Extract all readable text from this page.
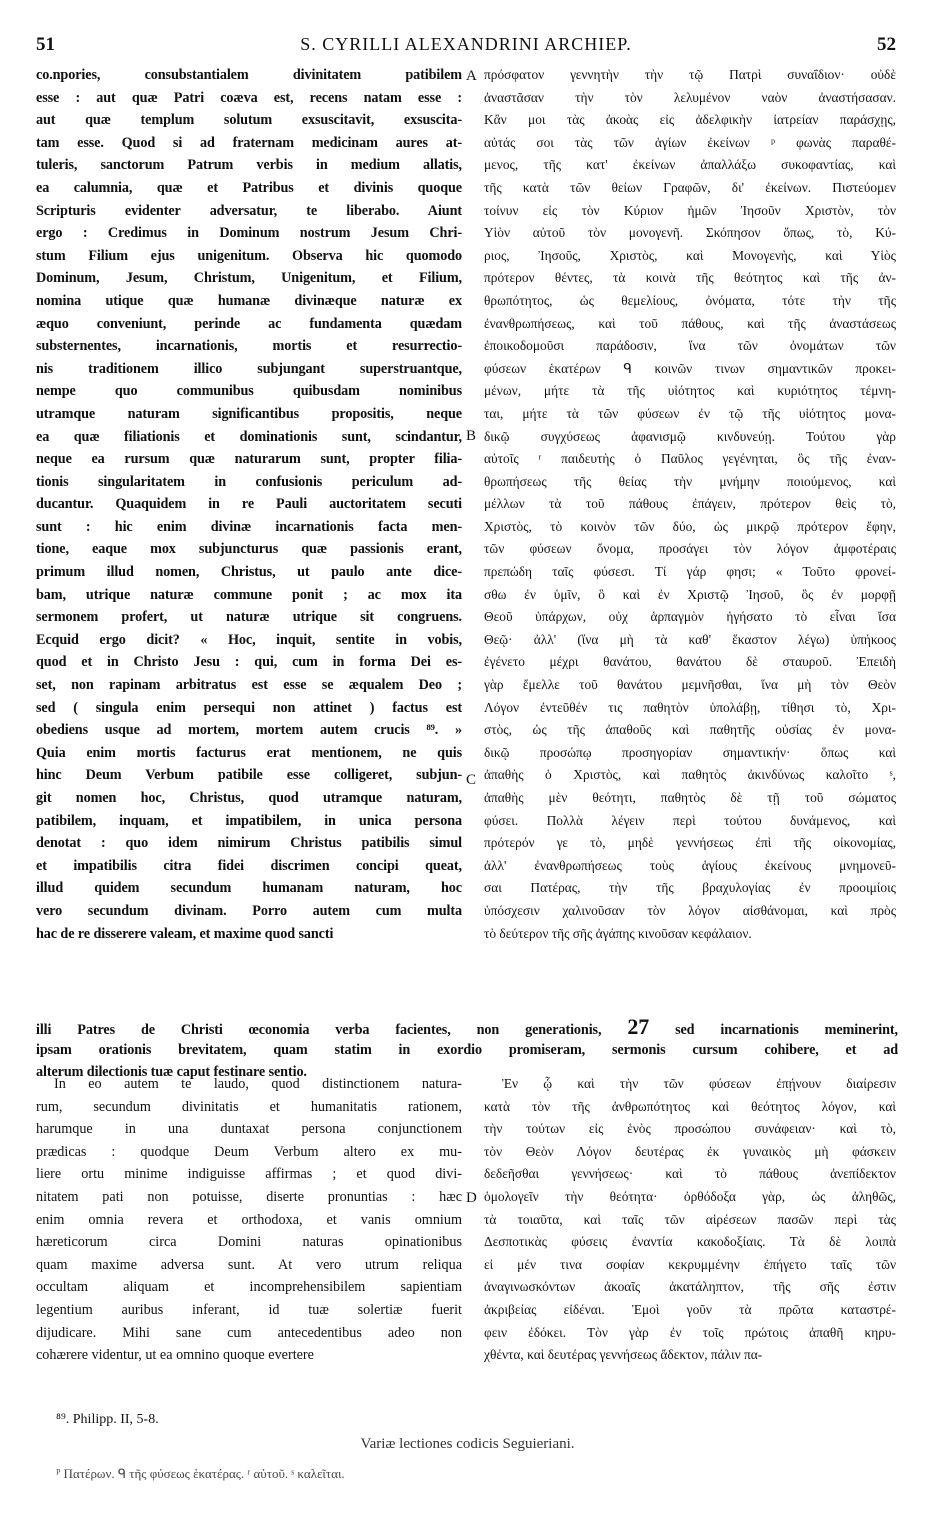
51	S. CYRILLI ALEXANDRINI ARCHIEP.	52
A
B
C
D
co.npories, consubstantialem divinitatem patibilem
esse : aut quæ Patri coæva est, recens natam esse :
aut quæ templum solutum exsuscitavit, exsuscita-
tam esse. Quod si ad fraternam medicinam aures at-
tuleris, sanctorum Patrum verbis in medium allatis,
ea calumnia, quæ et Patribus et divinis quoque
Scripturis evidenter adversatur, te liberabo. Aiunt
ergo : Credimus in Dominum nostrum Jesum Chri-
stum Filium ejus unigenitum. Observa hic quomodo
Dominum, Jesum, Christum, Unigenitum, et Filium,
nomina utique quæ humanæ divinæque naturæ ex
æquo conveniunt, perinde ac fundamenta quædam
substernentes, incarnationis, mortis et resurrectio-
nis traditionem illico subjungant superstruantque,
nempe quo communibus quibusdam nominibus
utramque naturam significantibus propositis, neque
ea quæ filiationis et dominationis sunt, scindantur,
neque ea rursum quæ naturarum sunt, propter filia-
tionis singularitatem in confusionis periculum ad-
ducantur. Quaquidem in re Pauli auctoritatem secuti
sunt : hic enim divinæ incarnationis facta men-
tione, eaque mox subjuncturus quæ passionis erant,
primum illud nomen, Christus, ut paulo ante dice-
bam, utrique naturæ commune ponit ; ac mox ita
sermonem profert, ut naturæ utrique sit congruens.
Ecquid ergo dicit? « Hoc, inquit, sentite in vobis,
quod et in Christo Jesu : qui, cum in forma Dei es-
set, non rapinam arbitratus est esse se æqualem Deo ;
sed ( singula enim persequi non attinet ) factus est
obediens usque ad mortem, mortem autem crucis ⁸⁹. »
Quia enim mortis facturus erat mentionem, ne quis
hinc Deum Verbum patibile esse colligeret, subjun-
git nomen hoc, Christus, quod utramque naturam,
patibilem, inquam, et impatibilem, in unica persona
denotat : quo idem nimirum Christus patibilis simul
et impatibilis citra fidei discrimen concipi queat,
illud quidem secundum humanam naturam, hoc
vero secundum divinam. Porro autem cum multa
hac de re disserere valeam, et maxime quod sancti
πρόσφατον γεννητὴν τὴν τῷ Πατρὶ συναΐδιον· οὐδὲ
ἀναστᾶσαν τὴν τὸν λελυμένον ναὸν ἀναστήσασαν.
Κἂν μοι τὰς ἀκοὰς εἰς ἀδελφικὴν ἰατρείαν παράσχῃς,
αὐτάς σοι τὰς τῶν ἁγίων ἐκείνων ᵖ φωνὰς παραθέ-
μενος, τῆς κατ' ἐκείνων ἀπαλλάξω συκοφαντίας, καὶ
τῆς κατὰ τῶν θείων Γραφῶν, δι' ἐκείνων. Πιστεύομεν
τοίνυν εἰς τὸν Κύριον ἡμῶν Ἰησοῦν Χριστὸν, τὸν
Υἱὸν αὐτοῦ τὸν μονογενῆ. Σκόπησον ὅπως, τὸ, Κύ-
ριος, Ἰησοῦς, Χριστὸς, καὶ Μονογενὴς, καὶ Υἱὸς
πρότερον θέντες, τὰ κοινὰ τῆς θεότητος καὶ τῆς ἀν-
θρωπότητος, ὡς θεμελίους, ὀνόματα, τότε τὴν τῆς
ἐνανθρωπήσεως, καὶ τοῦ πάθους, καὶ τῆς ἀναστάσεως
ἐποικοδομοῦσι παράδοσιν, ἵνα τῶν ὀνομάτων τῶν
φύσεων ἑκατέρων ᑫ κοινῶν τινων σημαντικῶν προκει-
μένων, μήτε τὰ τῆς υἱότητος καὶ κυριότητος τέμνη-
ται, μήτε τὰ τῶν φύσεων ἐν τῷ τῆς υἱότητος μονα-
δικῷ συγχύσεως ἀφανισμῷ κινδυνεύῃ. Τούτου γὰρ
αὐτοῖς ʳ παιδευτὴς ὁ Παῦλος γεγένηται, ὃς τῆς ἐναν-
θρωπήσεως τῆς θείας τὴν μνήμην ποιούμενος, καὶ
μέλλων τὰ τοῦ πάθους ἐπάγειν, πρότερον θεὶς τὸ,
Χριστὸς, τὸ κοινὸν τῶν δύο, ὡς μικρῷ πρότερον ἔφην,
τῶν φύσεων ὄνομα, προσάγει τὸν λόγον ἀμφοτέραις
πρεπώδη ταῖς φύσεσι. Τί γάρ φησι; « Τοῦτο φρονεί-
σθω ἐν ὑμῖν, ὃ καὶ ἐν Χριστῷ Ἰησοῦ, ὃς ἐν μορφῇ
Θεοῦ ὑπάρχων, οὐχ ἁρπαγμὸν ἡγήσατο τὸ εἶναι ἴσα
Θεῷ· ἀλλ' (ἵνα μὴ τὰ καθ' ἕκαστον λέγω) ὑπήκοος
ἐγένετο μέχρι θανάτου, θανάτου δὲ σταυροῦ. Ἐπειδὴ
γὰρ ἔμελλε τοῦ θανάτου μεμνῆσθαι, ἵνα μὴ τὸν Θεὸν
Λόγον ἐντεῦθέν τις παθητὸν ὑπολάβῃ, τίθησι τὸ, Χρι-
στὸς, ὡς τῆς ἀπαθοῦς καὶ παθητῆς οὐσίας ἐν μονα-
δικῷ προσώπῳ προσηγορίαν σημαντικήν· ὅπως καὶ
ἀπαθὴς ὁ Χριστὸς, καὶ παθητὸς ἀκινδύνως καλοῖτο ˢ,
ἀπαθὴς μὲν θεότητι, παθητὸς δὲ τῇ τοῦ σώματος
φύσει. Πολλὰ λέγειν περὶ τούτου δυνάμενος, καὶ
πρότερόν γε τὸ, μηδὲ γεννήσεως ἐπὶ τῆς οἰκονομίας,
ἀλλ' ἐνανθρωπήσεως τοὺς ἁγίους ἐκείνους μνημονεῦ-
σαι Πατέρας, τὴν τῆς βραχυλογίας ἐν προοιμίοις
ὑπόσχεσιν χαλινοῦσαν τὸν λόγον αἰσθάνομαι, καὶ πρὸς
τὸ δεύτερον τῆς σῆς ἀγάπης κινοῦσαν κεφάλαιον.
illi Patres de Christi œconomia verba facientes, non generationis, 27 sed incarnationis meminerint,
ipsam orationis brevitatem, quam statim in exordio promiseram, sermonis cursum cohibere, et ad
alterum dilectionis tuæ caput festinare sentio.
In eo autem te laudo, quod distinctionem natura-
rum, secundum divinitatis et humanitatis rationem,
harumque in una duntaxat persona conjunctionem
prædicas : quodque Deum Verbum altero ex mu-
liere ortu minime indiguisse affirmas ; et quod divi-
nitatem pati non potuisse, diserte pronuntias : hæc
enim omnia revera et orthodoxa, et vanis omnium
hæreticorum circa Domini naturas opinationibus
quam maxime adversa sunt. At vero utrum reliqua
occultam aliquam et incomprehensibilem sapientiam
legentium auribus inferant, id tuæ solertiæ fuerit
dijudicare. Mihi sane cum antecedentibus adeo non
cohærere videntur, ut ea omnino quoque evertere
Ἐν ᾧ καὶ τὴν τῶν φύσεων ἐπῄνουν διαίρεσιν
κατὰ τὸν τῆς ἀνθρωπότητος καὶ θεότητος λόγον, καὶ
τὴν τούτων εἰς ἑνὸς προσώπου συνάφειαν· καὶ τὸ,
τὸν Θεὸν Λόγον δευτέρας ἐκ γυναικὸς μὴ φάσκειν
δεδεῆσθαι γεννήσεως· καὶ τὸ πάθους ἀνεπίδεκτον
ὁμολογεῖν τὴν θεότητα· ὀρθόδοξα γὰρ, ὡς ἀληθῶς,
τὰ τοιαῦτα, καὶ ταῖς τῶν αἱρέσεων πασῶν περὶ τὰς
Δεσποτικὰς φύσεις ἐναντία κακοδοξίαις. Τὰ δὲ λοιπὰ
εἰ μέν τινα σοφίαν κεκρυμμένην ἐπήγετο ταῖς τῶν
ἀναγινωσκόντων ἀκοαῖς ἀκατάληπτον, τῆς σῆς ἐστιν
ἀκριβείας εἰδέναι. Ἐμοὶ γοῦν τὰ πρῶτα καταστρέ-
φειν ἐδόκει. Τὸν γὰρ ἐν τοῖς πρώτοις ἀπαθῆ κηρυ-
χθέντα, καὶ δευτέρας γεννήσεως ἄδεκτον, πάλιν πα-
⁸⁹. Philipp. II, 5-8.
Variæ lectiones codicis Seguieriani.
ᴾ Πατέρων. ᑫ τῆς φύσεως ἑκατέρας. ʳ αὐτοῦ. ˢ καλεῖται.
